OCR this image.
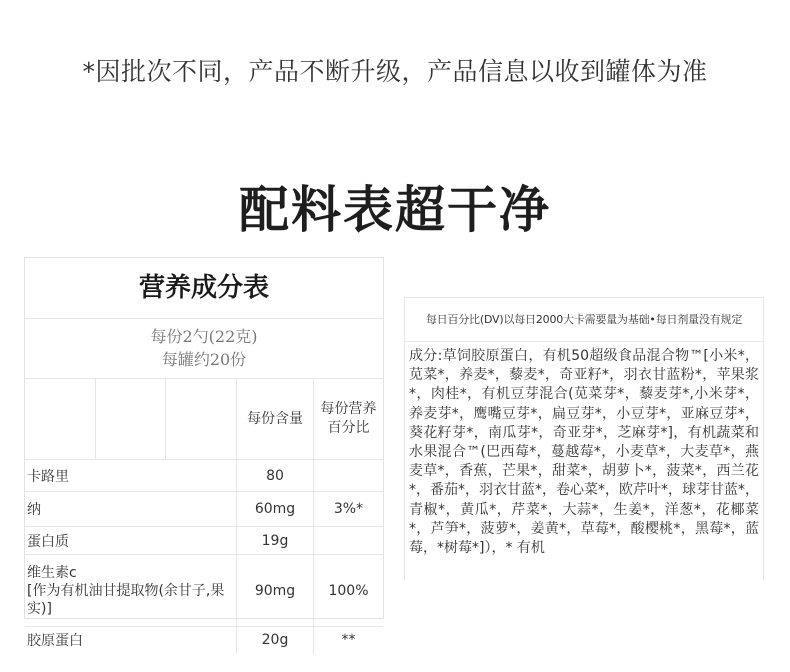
*因批次不同，产品不断升级，产品信息以收到罐体为准
配料表超干净
营养成分表
每份2勺(22克)
每罐约20份
	每份含量	每份营养百分比

卡路里	80	
纳	60mg	3%*
蛋白质	19g	
维生素c
[作为有机油甘提取物(余甘子,果实)]	90mg	100%
胶原蛋白	20g	**
每日百分比(DV)以每日2000大卡需要量为基础•每日剂量没有规定
成分:草饲胶原蛋白，有机50超级食品混合物™[小米*，苋菜*，养麦*，藜麦*，奇亚籽*，羽衣甘蓝粉*，苹果浆*，肉桂*，有机豆芽混合(苋菜芽*，藜麦芽*,小米芽*，养麦芽*，鹰嘴豆芽*，扁豆芽*，小豆芽*，亚麻豆芽*，葵花籽芽*，南瓜芽*，奇亚芽*，芝麻芽*]，有机蔬菜和水果混合™(巴西莓*，蔓越莓*，小麦草*，大麦草*，燕麦草*，香蕉，芒果*，甜菜*，胡萝卜*，菠菜*，西兰花*，番茄*，羽衣甘蓝*，卷心菜*，欧芹叶*，球芽甘蓝*，青椒*，黄瓜*，芹菜*，大蒜*，生姜*，洋葱*，花椰菜*，芦笋*，菠萝*，姜黄*，草莓*，酸樱桃*，黑莓*，蓝莓，*树莓*]），* 有机
